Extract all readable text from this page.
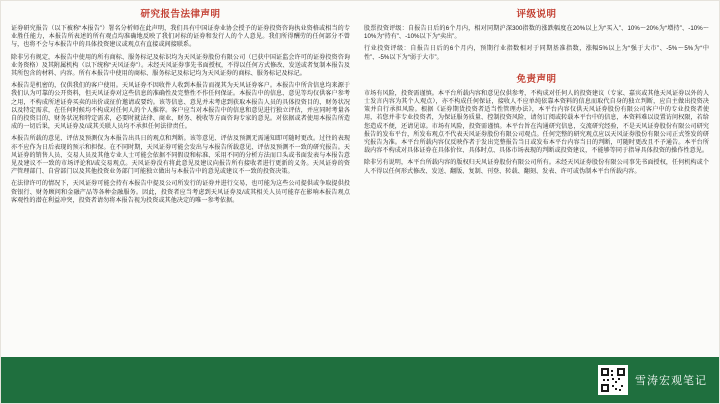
研究报告法律声明

证券研究报告（以下被称“本报告”）署名分析师在此声明，我们具有中国证券业协会授予的证券投资咨询执业资格或相当的专业胜任能力，本报告所表述的所有观点均准确地反映了我们对标的证券和发行人的个人意见。我们所得酬劳的任何部分不曾与，也将不会与本报告中的具体投资建议或观点有直接或间接联系。

除非另有规定，本报告中使用的所有商标、服务标记及标识均为天风证券股份有限公司（已获中国证监会许可的证券投资咨询业务资格）及其附属机构（以下统称“天风证券”）。未经天风证券事先书面授权，不得以任何方式修改、发送或者复制本报告及其所包含的材料、内容。所有本报告中使用的商标、服务标记及标记均为天风证券的商标、服务标记及标记。

本报告是机密的，仅供我们的客户使用。天风证券不因收件人收到本报告而视其为天风证券客户。本报告中所含信息均来源于我们认为可靠的公开资料，但天风证券对这些信息的准确性及完整性不作任何保证。本报告中的信息、意见等均仅供客户参考之用，不构成所述证券买卖的出价或征价邀请或要约。该等信息、意见并未考虑到获取本报告人员的具体投资目的、财务状况以及特定需求，在任何时候均不构成对任何人的个人推荐。客户应当对本报告中的信息和意见进行独立评估，并应同时考量各自的投资目的、财务状况和特定需求，必要时就法律、商业、财务、税收等方面咨询专家的意见。对依据或者使用本报告所造成的一切后果，天风证券及/或其关联人员均不承担任何法律责任。

本报告所载的意见、评估及预测仅为本报告出具日的观点和判断。该等意见、评估及预测无需通知即可随时更改。过往的表现亦不应作为日后表现的预示和担保。在不同时期，天风证券可能会发出与本报告所载意见、评估及预测不一致的研究报告。天风证券的销售人员、交易人员及其他专业人士可能会依据不同假设和标准、采用不同的分析方法而口头或书面发表与本报告意见及建议不一致的市场评论和/或交易观点。天风证券没有将此意见及建议向报告所有接收者进行更新的义务。天风证券的资产管理部门、自营部门以及其他投资业务部门可能独立做出与本报告中的意见或建议不一致的投资决策。

在法律许可的情况下，天风证券可能会持有本报告中提及公司所发行的证券并进行交易，也可能为这些公司提供或争取提供投资银行、财务顾问和金融产品等各种金融服务。因此，投资者应当考虑到天风证券及/或其相关人员可能存在影响本报告观点客观性的潜在利益冲突，投资者请勿将本报告视为投资或其他决定的唯一参考依据。

评级说明

股票投资评级：自报告日后的6个月内，相对同期沪深300指数的涨跌幅度在20%以上为“买入”、10%～20%为“增持”、-10%～10%为“持有”、-10%以下为“卖出”。

行业投资评级：自报告日后的6个月内，预期行业指数相对于同期基准指数，涨幅5%以上为“强于大市”、-5%～5%为“中性”、-5%以下为“弱于大市”。

免责声明

市场有风险，投资需谨慎。本平台所载内容和意见仅供参考，不构成对任何人的投资建议（专家、嘉宾或其他天风证券以外的人士发言内容为其个人观点），亦不构成任何保证，接收人不应单纯依靠本资料的信息而取代自身的独立判断，应自主做出投资决策并自行承担风险。根据《证券期货投资者适当性管理办法》，本平台内容仅供天风证券股份有限公司客户中的专业投资者使用，若您并非专业投资者，为保证服务质量、控制投资风险，请勿订阅或转载本平台中的信息，本资料难以设置访问权限，若给您造成不便，还请见谅。市场有风险，投资需谨慎。本平台旨在沟通研究信息，交流研究经验，不是天风证券股份有限公司研究报告的发布平台，所发布观点不代表天风证券股份有限公司观点。任何完整的研究观点应以天风证券股份有限公司正式签发的研究报告为准。本平台所载内容仅反映作者于发出完整报告当日或发布本平台内容当日的判断，可随时更改且不予通告。本平台所载内容不构成对具体证券在具体价位、具体时点、具体市场表现的判断或投资建议，不能够等同于指导具体投资的操作性意见。

除非另有说明，本平台所载内容的版权归天风证券股份有限公司所有。未经天风证券股份有限公司事先书面授权，任何机构或个人不得以任何形式修改、发送、翻版、复制、刊登、转载、翻刻、发表、许可或伪制本平台所载内容。

雪涛宏观笔记
